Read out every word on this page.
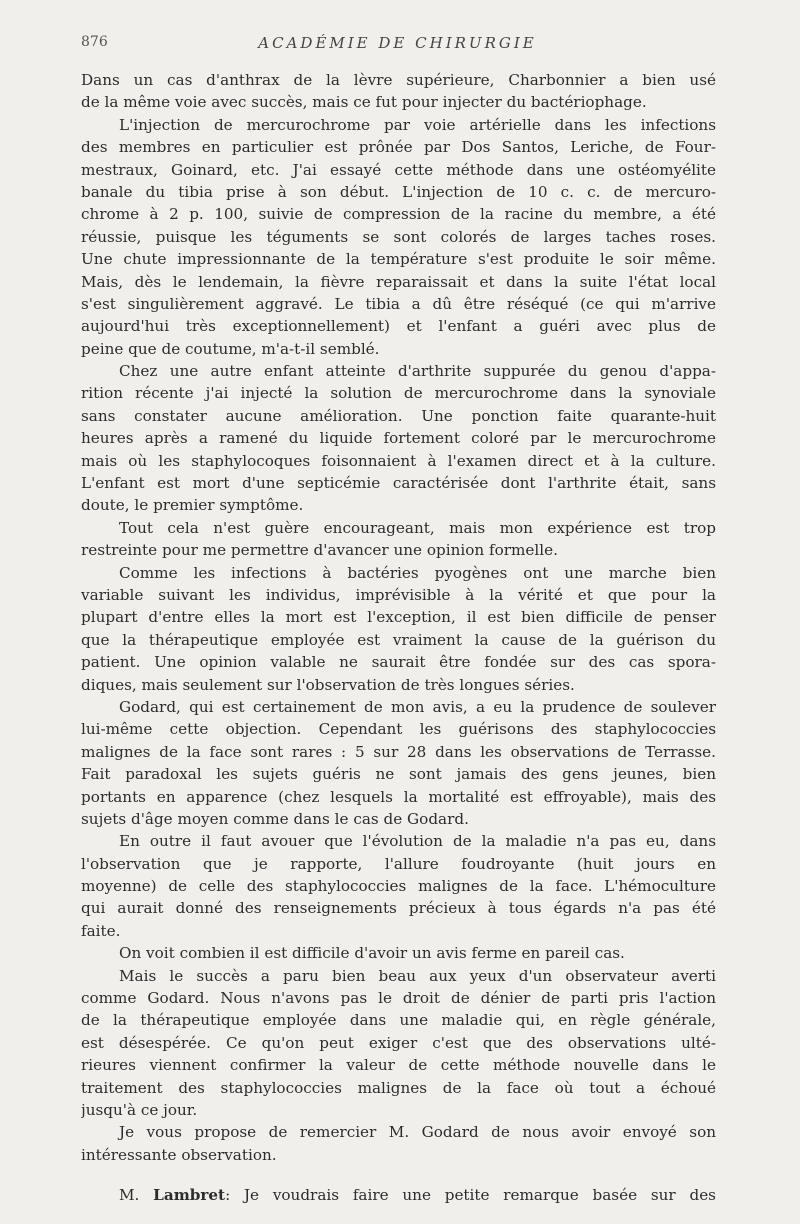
876	ACADÉMIE DE CHIRURGIE
Dans un cas d'anthrax de la lèvre supérieure, Charbonnier a bien usé
de la même voie avec succès, mais ce fut pour injecter du bactériophage.
L'injection de mercurochrome par voie artérielle dans les infections
des membres en particulier est prônée par Dos Santos, Leriche, de Four-
mestraux, Goinard, etc. J'ai essayé cette méthode dans une ostéomyélite
banale du tibia prise à son début. L'injection de 10 c. c. de mercuro-
chrome à 2 p. 100, suivie de compression de la racine du membre, a été
réussie, puisque les téguments se sont colorés de larges taches roses.
Une chute impressionnante de la température s'est produite le soir même.
Mais, dès le lendemain, la fièvre reparaissait et dans la suite l'état local
s'est singulièrement aggravé. Le tibia a dû être réséqué (ce qui m'arrive
aujourd'hui très exceptionnellement) et l'enfant a guéri avec plus de
peine que de coutume, m'a-t-il semblé.
Chez une autre enfant atteinte d'arthrite suppurée du genou d'appa-
rition récente j'ai injecté la solution de mercurochrome dans la synoviale
sans constater aucune amélioration. Une ponction faite quarante-huit
heures après a ramené du liquide fortement coloré par le mercurochrome
mais où les staphylocoques foisonnaient à l'examen direct et à la culture.
L'enfant est mort d'une septicémie caractérisée dont l'arthrite était, sans
doute, le premier symptôme.
Tout cela n'est guère encourageant, mais mon expérience est trop
restreinte pour me permettre d'avancer une opinion formelle.
Comme les infections à bactéries pyogènes ont une marche bien
variable suivant les individus, imprévisible à la vérité et que pour la
plupart d'entre elles la mort est l'exception, il est bien difficile de penser
que la thérapeutique employée est vraiment la cause de la guérison du
patient. Une opinion valable ne saurait être fondée sur des cas spora-
diques, mais seulement sur l'observation de très longues séries.
Godard, qui est certainement de mon avis, a eu la prudence de soulever
lui-même cette objection. Cependant les guérisons des staphylococcies
malignes de la face sont rares : 5 sur 28 dans les observations de Terrasse.
Fait paradoxal les sujets guéris ne sont jamais des gens jeunes, bien
portants en apparence (chez lesquels la mortalité est effroyable), mais des
sujets d'âge moyen comme dans le cas de Godard.
En outre il faut avouer que l'évolution de la maladie n'a pas eu, dans
l'observation que je rapporte, l'allure foudroyante (huit jours en
moyenne) de celle des staphylococcies malignes de la face. L'hémoculture
qui aurait donné des renseignements précieux à tous égards n'a pas été
faite.
On voit combien il est difficile d'avoir un avis ferme en pareil cas.
Mais le succès a paru bien beau aux yeux d'un observateur averti
comme Godard. Nous n'avons pas le droit de dénier de parti pris l'action
de la thérapeutique employée dans une maladie qui, en règle générale,
est désespérée. Ce qu'on peut exiger c'est que des observations ulté-
rieures viennent confirmer la valeur de cette méthode nouvelle dans le
traitement des staphylococcies malignes de la face où tout a échoué
jusqu'à ce jour.
Je vous propose de remercier M. Godard de nous avoir envoyé son
intéressante observation.
M. Lambret: Je voudrais faire une petite remarque basée sur des
